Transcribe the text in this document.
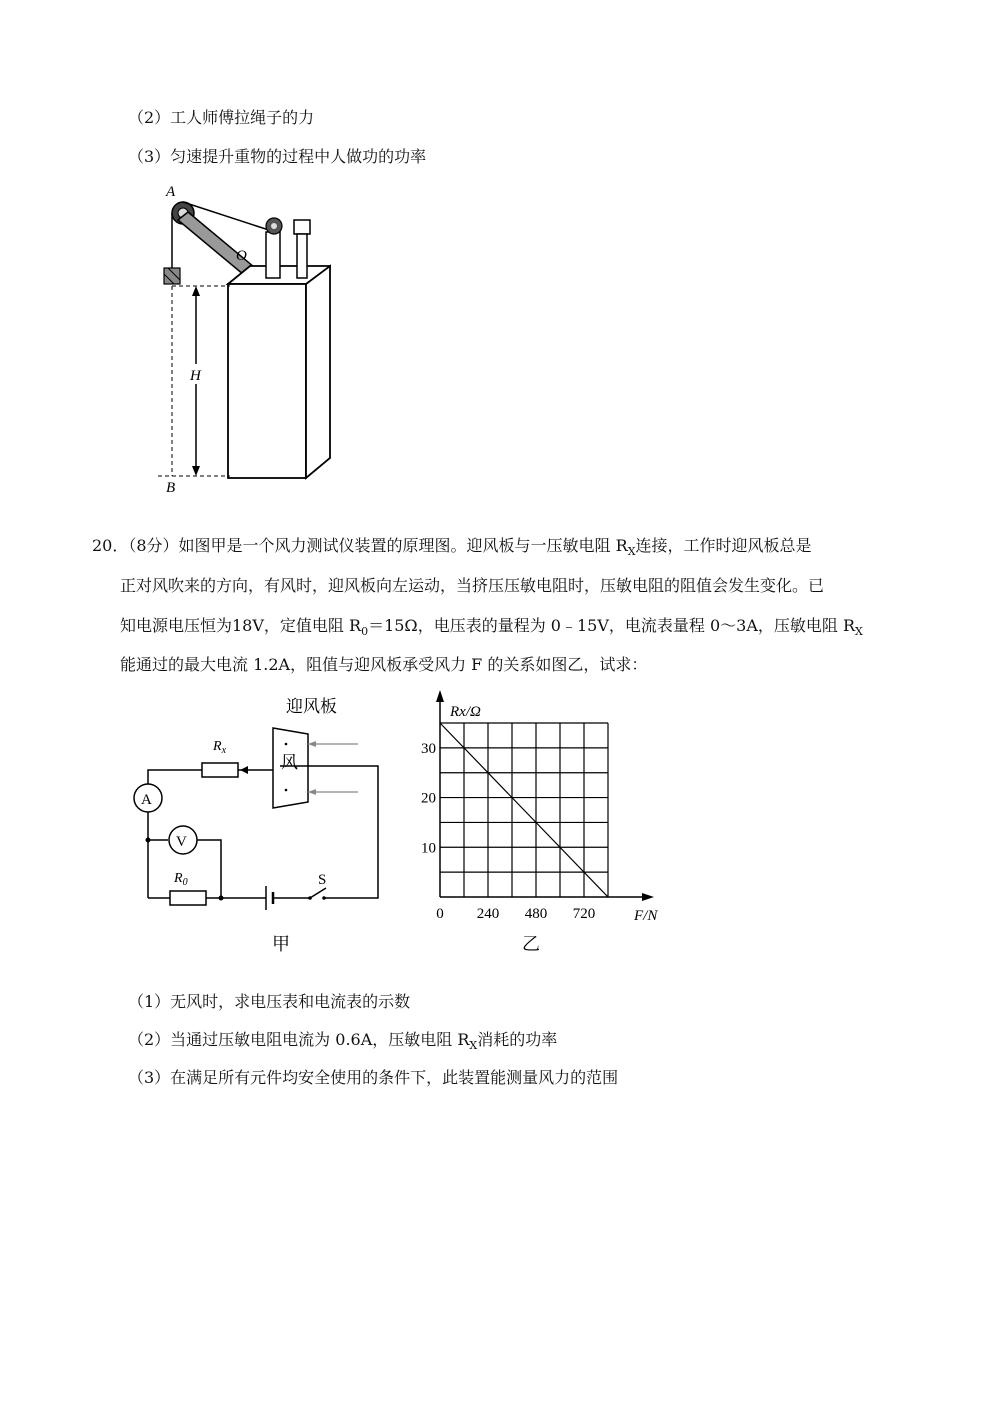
（2）工人师傅拉绳子的力
（3）匀速提升重物的过程中人做功的功率
A
O
H
B
20．（8分）如图甲是一个风力测试仪装置的原理图。迎风板与一压敏电阻 $R_X$连接，工作时迎风板总是
正对风吹来的方向，有风时，迎风板向左运动，当挤压压敏电阻时，压敏电阻的阻值会发生变化。已
知电源电压恒为18V，定值电阻 $R_0=15\Omega$，电压表的量程为 0﹣15V，电流表量程 0～3A，压敏电阻 $R_X$
能通过的最大电流 1.2A，阻值与迎风板承受风力 F 的关系如图乙，试求：
迎风板
风
$R_x$
A
V
$R_0$	S
甲
Rx/Ω
F/N
0 240 480 720
10
20
30
乙
（1）无风时，求电压表和电流表的示数
（2）当通过压敏电阻电流为 0.6A，压敏电阻 $R_X$消耗的功率
（3）在满足所有元件均安全使用的条件下，此装置能测量风力的范围
